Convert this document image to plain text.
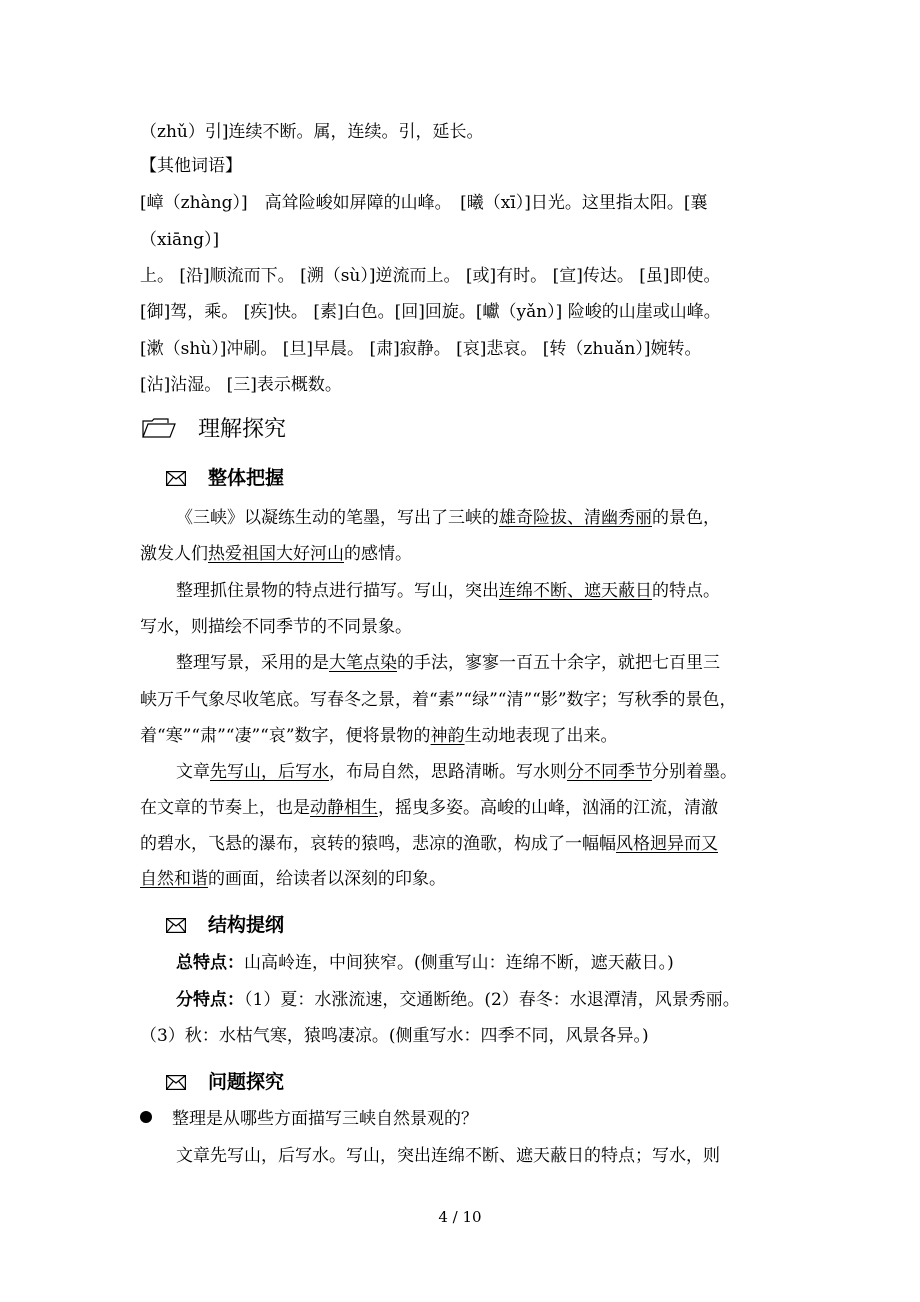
（zhǔ）引]连续不断。属，连续。引，延长。
【其他词语】
[嶂（zhàng）]　高耸险峻如屏障的山峰。　[曦（xī）]日光。这里指太阳。[襄
（xiāng）]
上。 [沿]顺流而下。 [溯（sù）]逆流而上。 [或]有时。 [宣]传达。 [虽]即使。
[御]驾，乘。 [疾]快。 [素]白色。[回]回旋。[巘（yǎn）] 险峻的山崖或山峰。
[漱（shù）]冲刷。 [旦]早晨。 [肃]寂静。 [哀]悲哀。 [转（zhuǎn）]婉转。
[沾]沾湿。 [三]表示概数。
理解探究
整体把握
《三峡》以凝练生动的笔墨，写出了三峡的雄奇险拔、清幽秀丽的景色，
激发人们热爱祖国大好河山的感情。
整理抓住景物的特点进行描写。写山，突出连绵不断、遮天蔽日的特点。
写水，则描绘不同季节的不同景象。
整理写景，采用的是大笔点染的手法，寥寥一百五十余字，就把七百里三
峡万千气象尽收笔底。写春冬之景，着“素”“绿”“清”“影”数字；写秋季的景色，
着“寒”“肃”“凄”“哀”数字，便将景物的神韵生动地表现了出来。
文章先写山，后写水，布局自然，思路清晰。写水则分不同季节分别着墨。
在文章的节奏上，也是动静相生，摇曳多姿。高峻的山峰，汹涌的江流，清澈
的碧水，飞悬的瀑布，哀转的猿鸣，悲凉的渔歌，构成了一幅幅风格迥异而又
自然和谐的画面，给读者以深刻的印象。
结构提纲
总特点：山高岭连，中间狭窄。(侧重写山：连绵不断，遮天蔽日。)
分特点：（1）夏：水涨流速，交通断绝。(2）春冬：水退潭清，风景秀丽。
（3）秋：水枯气寒，猿鸣凄凉。(侧重写水：四季不同，风景各异。)
问题探究
整理是从哪些方面描写三峡自然景观的？
文章先写山，后写水。写山，突出连绵不断、遮天蔽日的特点；写水，则
4 / 10
